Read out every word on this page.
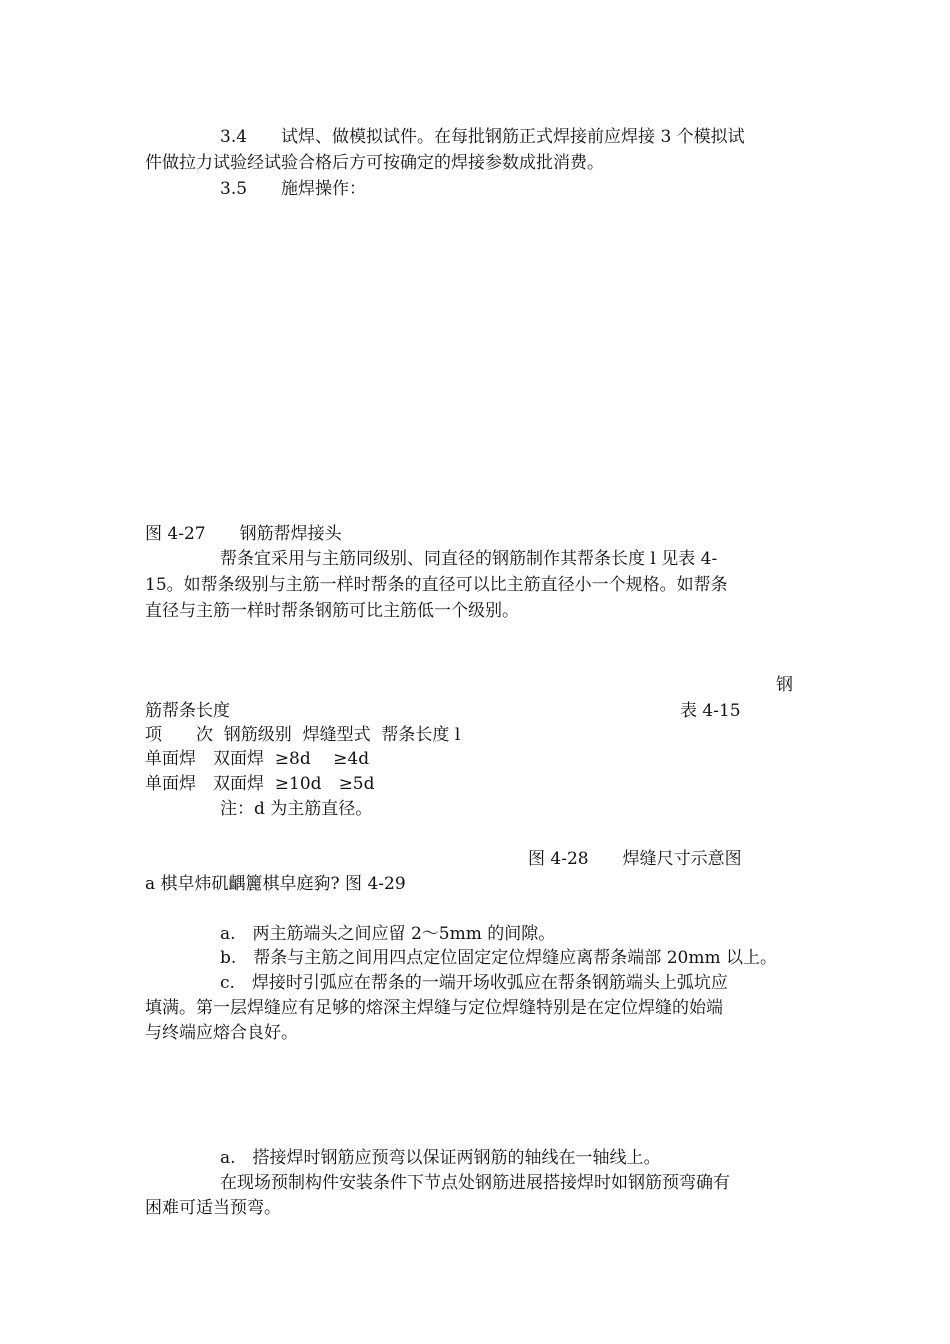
3.4　　试焊、做模拟试件。在每批钢筋正式焊接前应焊接 3 个模拟试
件做拉力试验经试验合格后方可按确定的焊接参数成批消费。
3.5　　施焊操作：
图 4-27　　钢筋帮焊接头
帮条宜采用与主筋同级别、同直径的钢筋制作其帮条长度 l 见表 4-
15。如帮条级别与主筋一样时帮条的直径可以比主筋直径小一个规格。如帮条
直径与主筋一样时帮条钢筋可比主筋低一个级别。
钢
筋帮条长度	表 4-15
项　　次  钢筋级别  焊缝型式  帮条长度 l
单面焊　双面焊  ≥8d　 ≥4d
单面焊　双面焊  ≥10d　≥5d
注：d 为主筋直径。
图 4-28　　焊缝尺寸示意图
a 棋皁炜矶齵籭棋皁庭豞? 图 4-29
a.　两主筋端头之间应留 2～5mm 的间隙。
b.　帮条与主筋之间用四点定位固定定位焊缝应离帮条端部 20mm 以上。
c.　焊接时引弧应在帮条的一端开场收弧应在帮条钢筋端头上弧坑应
填满。第一层焊缝应有足够的熔深主焊缝与定位焊缝特别是在定位焊缝的始端
与终端应熔合良好。
a.　搭接焊时钢筋应预弯以保证两钢筋的轴线在一轴线上。
在现场预制构件安装条件下节点处钢筋进展搭接焊时如钢筋预弯确有
困难可适当预弯。
